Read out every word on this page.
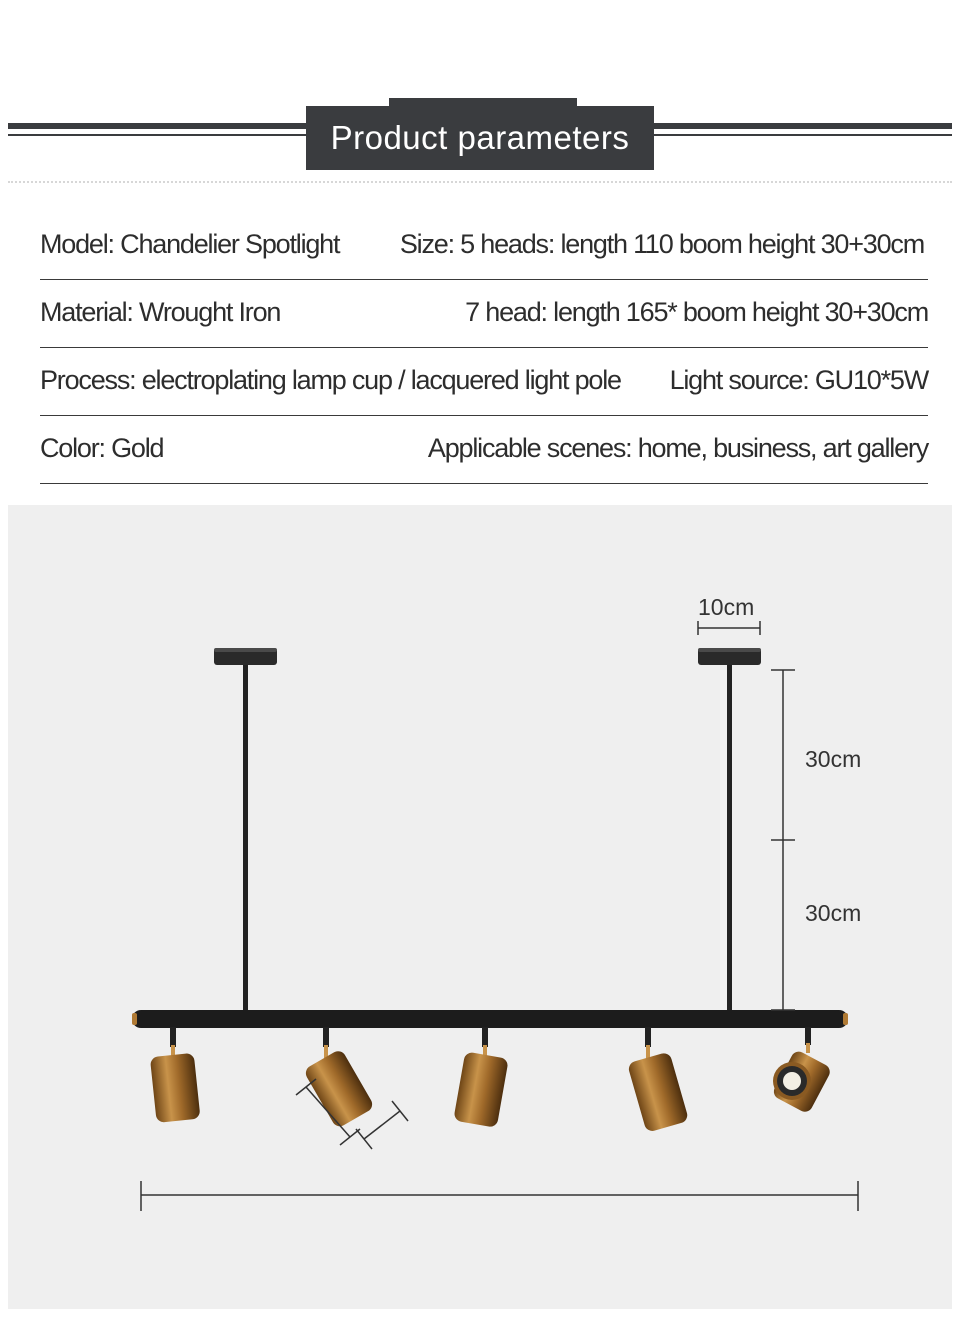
Product parameters
Model: Chandelier Spotlight Size: 5 heads: length 110 boom height 30+30cm
Material: Wrought Iron	7 head: length 165* boom height 30+30cm
Process: electroplating lamp cup / lacquered light pole Light source: GU10*5W
Color: Gold	Applicable scenes: home, business, art gallery
10cm
30cm
30cm
